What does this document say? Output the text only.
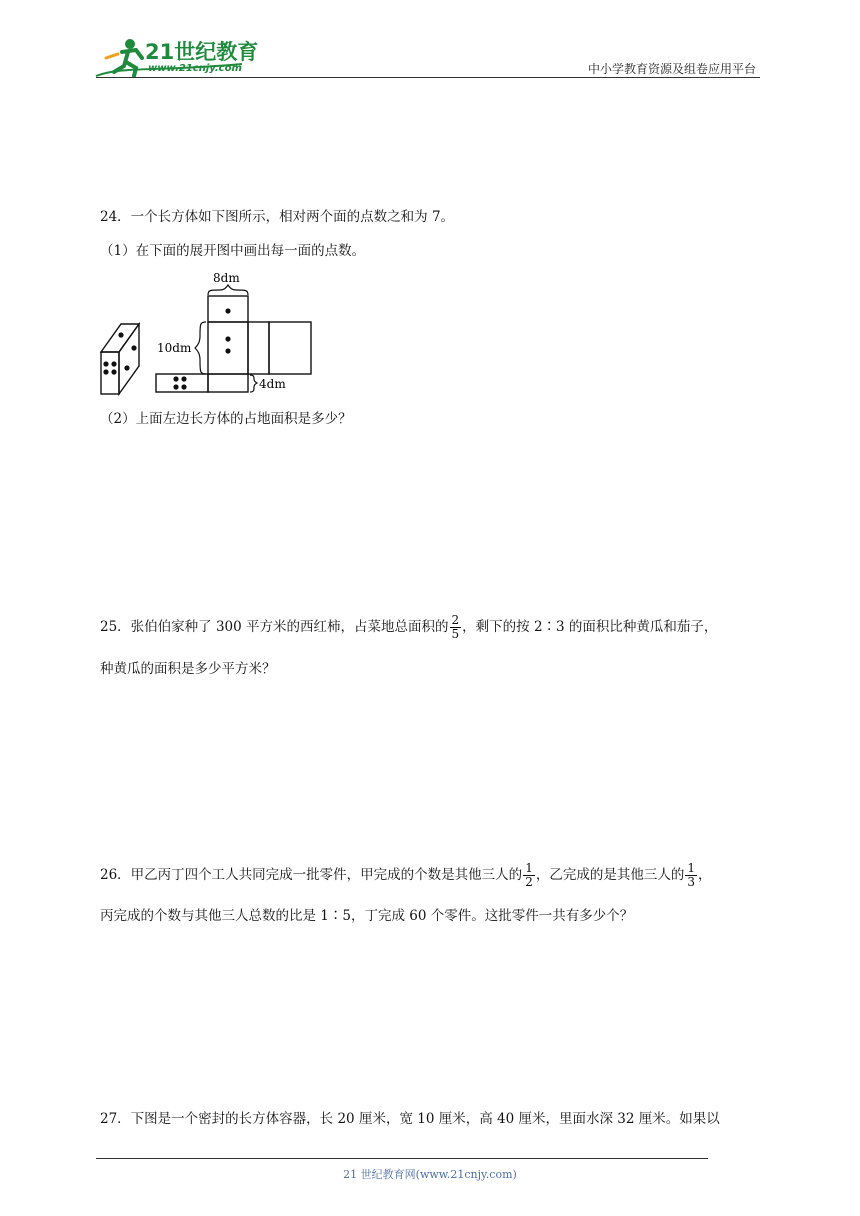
21世纪教育
www.21cnjy.com	中小学教育资源及组卷应用平台
24．一个长方体如下图所示，相对两个面的点数之和为 7。
（1）在下面的展开图中画出每一面的点数。
8dm
10dm
4dm
（2）上面左边长方体的占地面积是多少？
25．张伯伯家种了 300 平方米的西红柿，占菜地总面积的 $\frac{2}{5}$ ，剩下的按 2∶3 的面积比种黄瓜和茄子，
种黄瓜的面积是多少平方米？
26．甲乙丙丁四个工人共同完成一批零件，甲完成的个数是其他三人的 $\frac{1}{2}$ ，乙完成的是其他三人的 $\frac{1}{3}$ ，
丙完成的个数与其他三人总数的比是 1∶5，丁完成 60 个零件。这批零件一共有多少个？
27．下图是一个密封的长方体容器，长 20 厘米，宽 10 厘米，高 40 厘米，里面水深 32 厘米。如果以
21 世纪教育网(www.21cnjy.com)
